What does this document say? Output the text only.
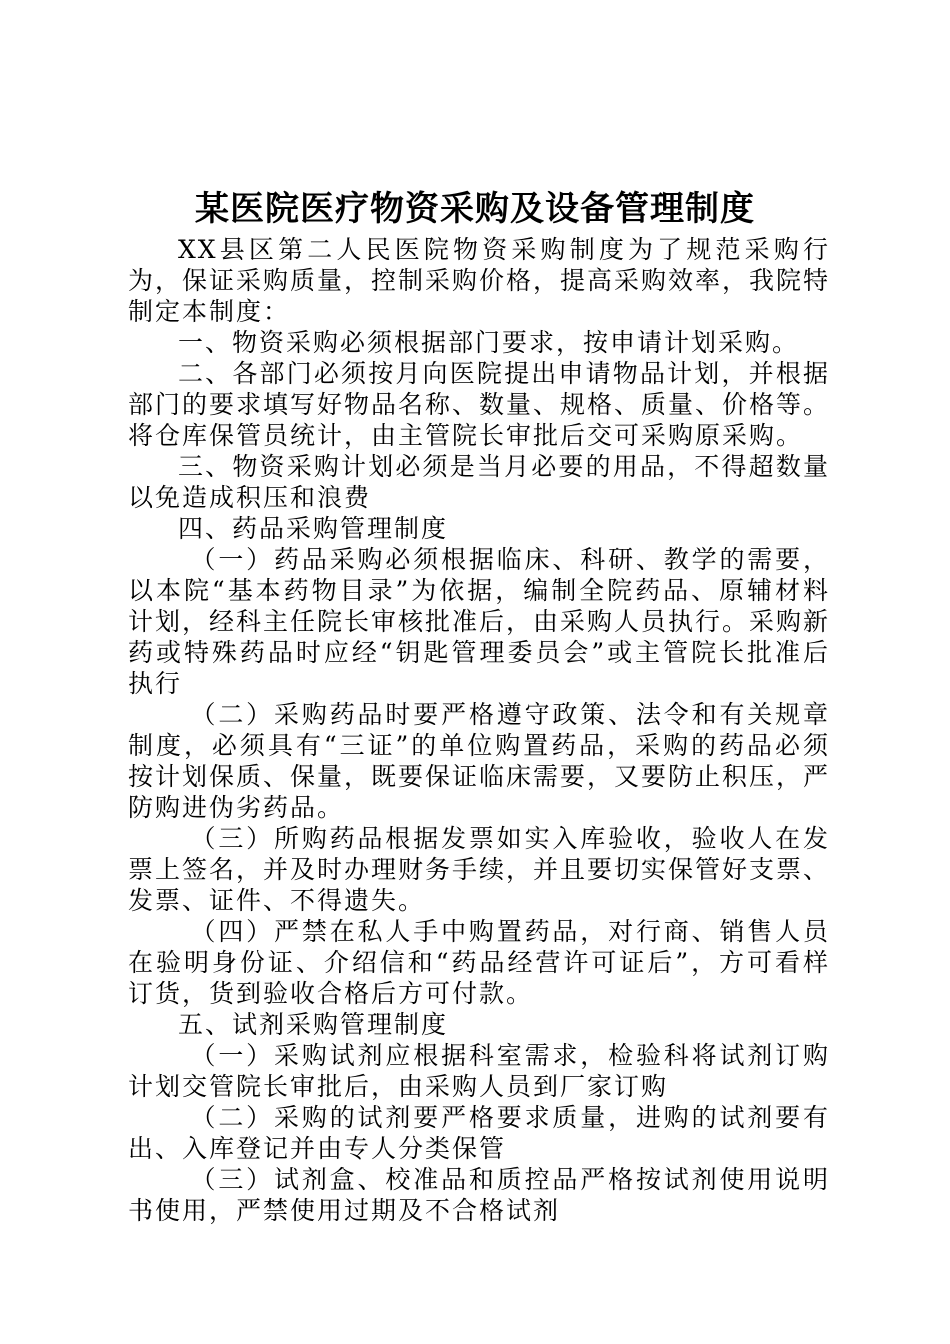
某医院医疗物资采购及设备管理制度

XX县区第二人民医院物资采购制度为了规范采购行为，保证采购质量，控制采购价格，提高采购效率，我院特制定本制度：

一、物资采购必须根据部门要求，按申请计划采购。

二、各部门必须按月向医院提出申请物品计划，并根据部门的要求填写好物品名称、数量、规格、质量、价格等。将仓库保管员统计，由主管院长审批后交可采购原采购。

三、物资采购计划必须是当月必要的用品，不得超数量以免造成积压和浪费

四、药品采购管理制度

（一）药品采购必须根据临床、科研、教学的需要，以本院“基本药物目录”为依据，编制全院药品、原辅材料计划，经科主任院长审核批准后，由采购人员执行。采购新药或特殊药品时应经“钥匙管理委员会”或主管院长批准后执行

（二）采购药品时要严格遵守政策、法令和有关规章制度，必须具有“三证”的单位购置药品，采购的药品必须按计划保质、保量，既要保证临床需要，又要防止积压，严防购进伪劣药品。

（三）所购药品根据发票如实入库验收，验收人在发票上签名，并及时办理财务手续，并且要切实保管好支票、发票、证件、不得遗失。

（四）严禁在私人手中购置药品，对行商、销售人员在验明身份证、介绍信和“药品经营许可证后”，方可看样订货，货到验收合格后方可付款。

五、试剂采购管理制度

（一）采购试剂应根据科室需求，检验科将试剂订购计划交管院长审批后，由采购人员到厂家订购

（二）采购的试剂要严格要求质量，进购的试剂要有出、入库登记并由专人分类保管

（三）试剂盒、校准品和质控品严格按试剂使用说明书使用，严禁使用过期及不合格试剂
